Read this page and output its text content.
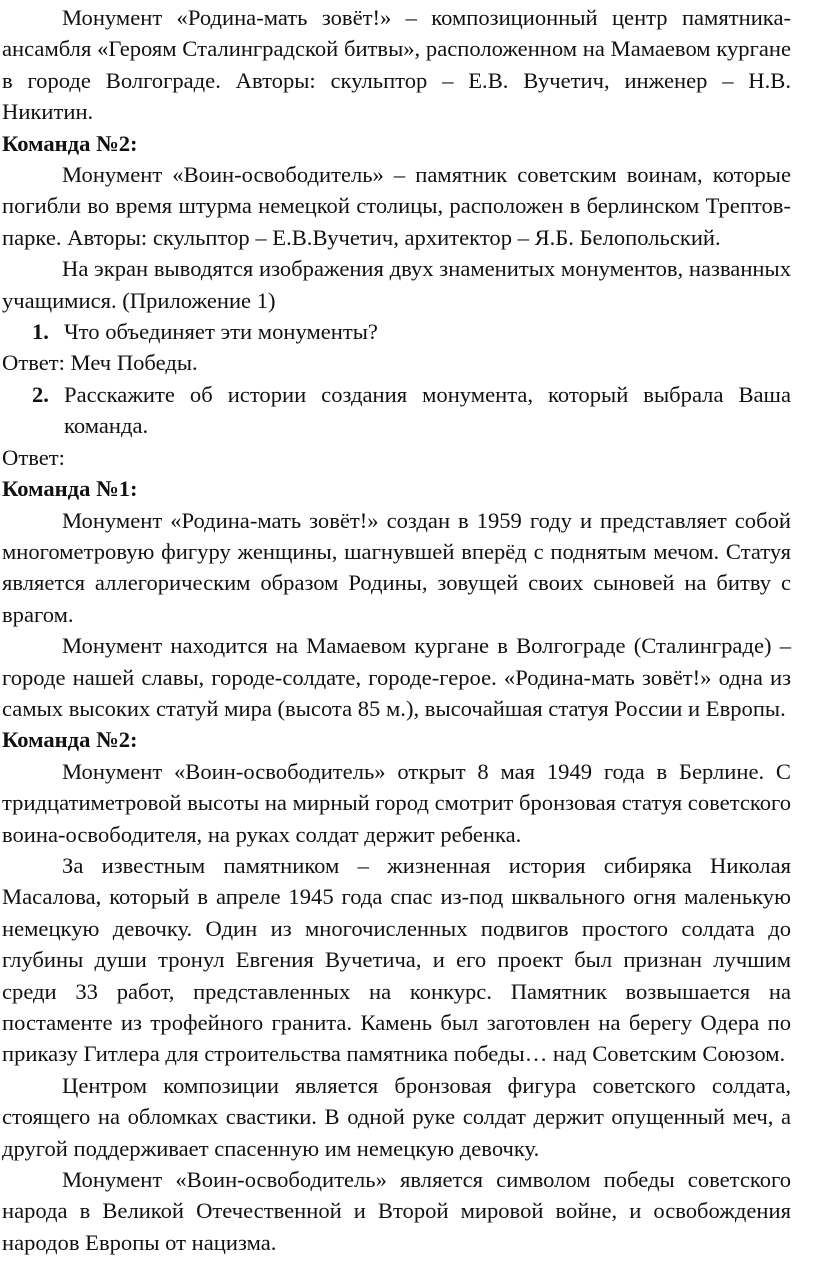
Монумент «Родина-мать зовёт!» – композиционный центр памятника-ансамбля «Героям Сталинградской битвы», расположенном на Мамаевом кургане в городе Волгограде. Авторы: скульптор – Е.В. Вучетич, инженер – Н.В. Никитин.

Команда №2:

Монумент «Воин-освободитель» – памятник советским воинам, которые погибли во время штурма немецкой столицы, расположен в берлинском Трептов-парке. Авторы: скульптор – Е.В.Вучетич, архитектор – Я.Б. Белопольский.

На экран выводятся изображения двух знаменитых монументов, названных учащимися. (Приложение 1)

1. Что объединяет эти монументы?

Ответ: Меч Победы.

2. Расскажите об истории создания монумента, который выбрала Ваша команда.

Ответ:

Команда №1:

Монумент «Родина-мать зовёт!» создан в 1959 году и представляет собой многометровую фигуру женщины, шагнувшей вперёд с поднятым мечом. Статуя является аллегорическим образом Родины, зовущей своих сыновей на битву с врагом.

Монумент находится на Мамаевом кургане в Волгограде (Сталинграде) – городе нашей славы, городе-солдате, городе-герое. «Родина-мать зовёт!» одна из самых высоких статуй мира (высота 85 м.), высочайшая статуя России и Европы.

Команда №2:

Монумент «Воин-освободитель» открыт 8 мая 1949 года в Берлине. С тридцатиметровой высоты на мирный город смотрит бронзовая статуя советского воина-освободителя, на руках солдат держит ребенка.

За известным памятником – жизненная история сибиряка Николая Масалова, который в апреле 1945 года спас из-под шквального огня маленькую немецкую девочку. Один из многочисленных подвигов простого солдата до глубины души тронул Евгения Вучетича, и его проект был признан лучшим среди 33 работ, представленных на конкурс. Памятник возвышается на постаменте из трофейного гранита. Камень был заготовлен на берегу Одера по приказу Гитлера для строительства памятника победы… над Советским Союзом.

Центром композиции является бронзовая фигура советского солдата, стоящего на обломках свастики. В одной руке солдат держит опущенный меч, а другой поддерживает спасенную им немецкую девочку.

Монумент «Воин-освободитель» является символом победы советского народа в Великой Отечественной и Второй мировой войне, и освобождения народов Европы от нацизма.
